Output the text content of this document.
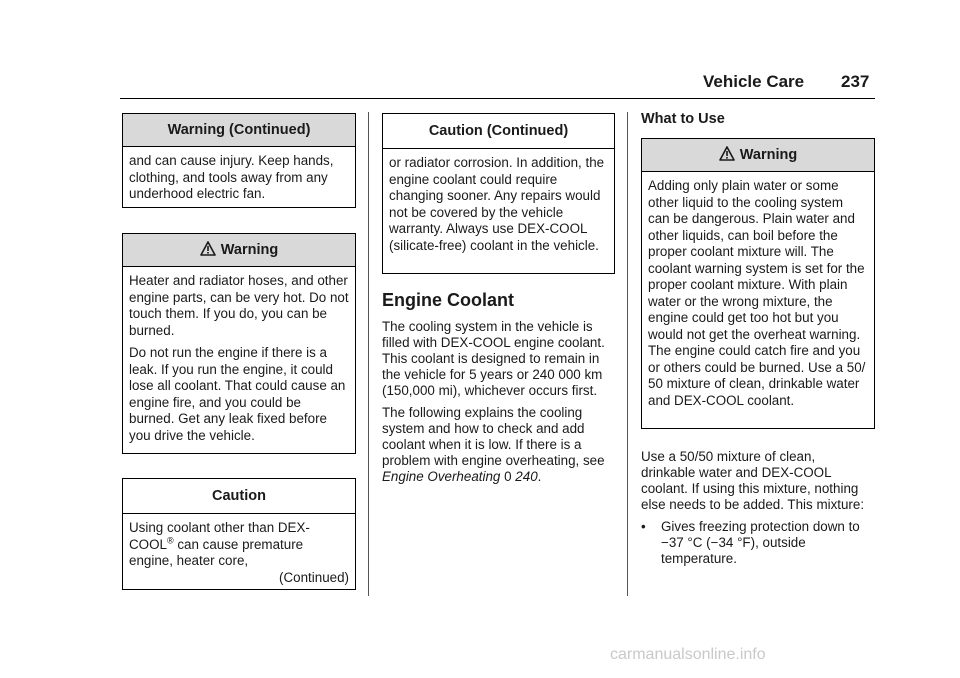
Vehicle Care 237
Warning (Continued)

and can cause injury. Keep hands, clothing, and tools away from any underhood electric fan.

Warning

Heater and radiator hoses, and other engine parts, can be very hot. Do not touch them. If you do, you can be burned.

Do not run the engine if there is a leak. If you run the engine, it could lose all coolant. That could cause an engine fire, and you could be burned. Get any leak fixed before you drive the vehicle.

Caution

Using coolant other than DEX-COOL® can cause premature engine, heater core,

(Continued)

Caution (Continued)

or radiator corrosion. In addition, the engine coolant could require changing sooner. Any repairs would not be covered by the vehicle warranty. Always use DEX-COOL (silicate-free) coolant in the vehicle.

Engine Coolant

The cooling system in the vehicle is filled with DEX-COOL engine coolant. This coolant is designed to remain in the vehicle for 5 years or 240 000 km (150,000 mi), whichever occurs first.

The following explains the cooling system and how to check and add coolant when it is low. If there is a problem with engine overheating, see Engine Overheating 0 240.

What to Use
Warning

Adding only plain water or some other liquid to the cooling system can be dangerous. Plain water and other liquids, can boil before the proper coolant mixture will. The coolant warning system is set for the proper coolant mixture. With plain water or the wrong mixture, the engine could get too hot but you would not get the overheat warning. The engine could catch fire and you or others could be burned. Use a 50/ 50 mixture of clean, drinkable water and DEX-COOL coolant.

Use a 50/50 mixture of clean, drinkable water and DEX-COOL coolant. If using this mixture, nothing else needs to be added. This mixture:

•	Gives freezing protection down to −37 °C (−34 °F), outside temperature.
carmanualsonline.info
